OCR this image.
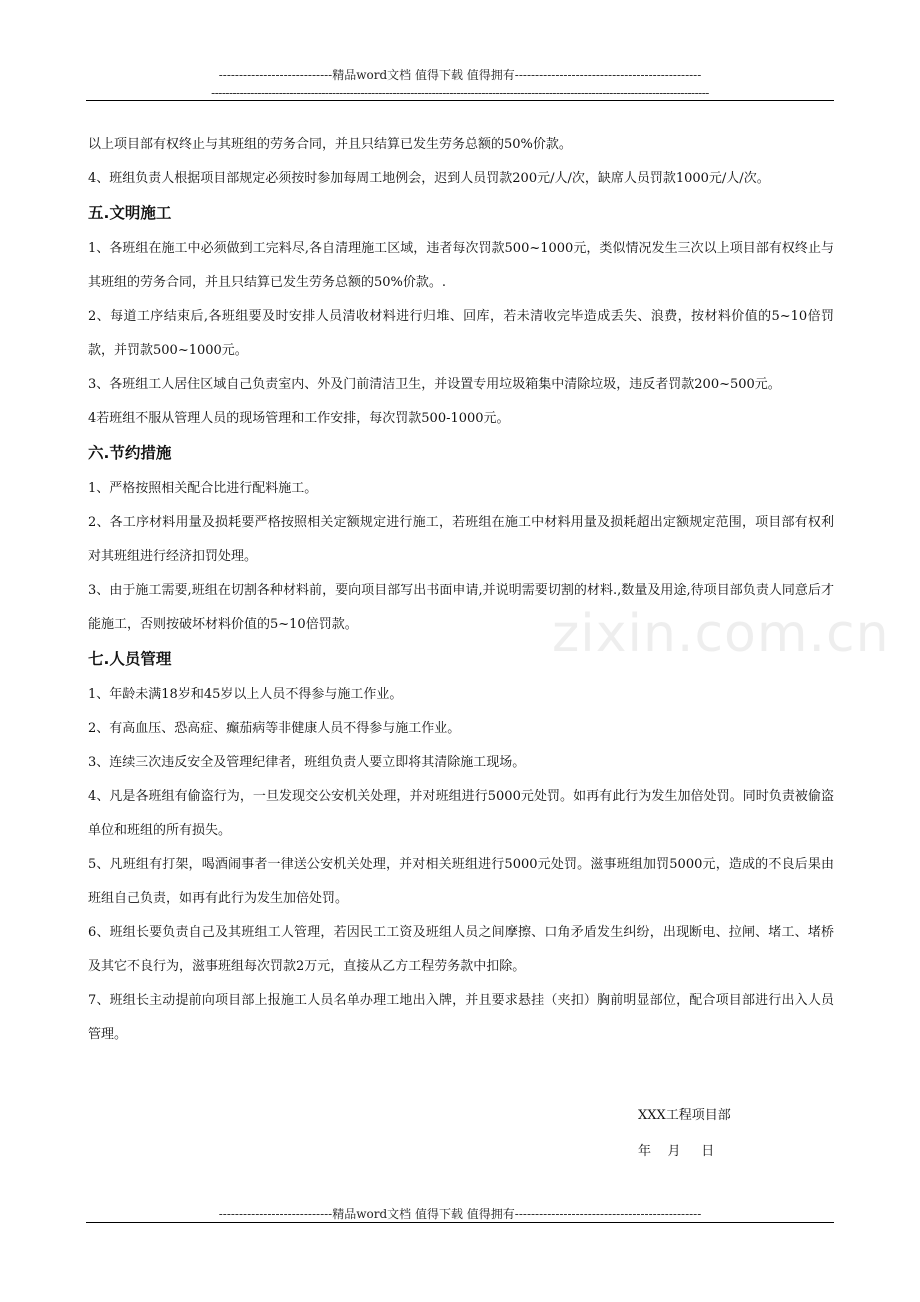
----------------------------精品word文档 值得下载 值得拥有----------------------------------------------
--------------------------------------------------------------------------------------------------------------------------------------------
zixin.com.cn

以上项目部有权终止与其班组的劳务合同，并且只结算已发生劳务总额的50%价款。

4、班组负责人根据项目部规定必须按时参加每周工地例会，迟到人员罚款200元/人/次，缺席人员罚款1000元/人/次。

五.文明施工

1、各班组在施工中必须做到工完料尽,各自清理施工区域，违者每次罚款500~1000元，类似情况发生三次以上项目部有权终止与其班组的劳务合同，并且只结算已发生劳务总额的50%价款。.

2、每道工序结束后,各班组要及时安排人员清收材料进行归堆、回库，若未清收完毕造成丢失、浪费，按材料价值的5~10倍罚款，并罚款500~1000元。

3、各班组工人居住区域自己负责室内、外及门前清洁卫生，并设置专用垃圾箱集中清除垃圾，违反者罚款200~500元。

4若班组不服从管理人员的现场管理和工作安排，每次罚款500-1000元。

六.节约措施

1、严格按照相关配合比进行配料施工。

2、各工序材料用量及损耗要严格按照相关定额规定进行施工，若班组在施工中材料用量及损耗超出定额规定范围，项目部有权利对其班组进行经济扣罚处理。

3、由于施工需要,班组在切割各种材料前，要向项目部写出书面申请,并说明需要切割的材料.,数量及用途,待项目部负责人同意后才能施工，否则按破坏材料价值的5~10倍罚款。

七.人员管理

1、年龄未满18岁和45岁以上人员不得参与施工作业。

2、有高血压、恐高症、癫茄病等非健康人员不得参与施工作业。

3、连续三次违反安全及管理纪律者，班组负责人要立即将其清除施工现场。

4、凡是各班组有偷盗行为，一旦发现交公安机关处理，并对班组进行5000元处罚。如再有此行为发生加倍处罚。同时负责被偷盗单位和班组的所有损失。

5、凡班组有打架，喝酒闹事者一律送公安机关处理，并对相关班组进行5000元处罚。滋事班组加罚5000元，造成的不良后果由班组自己负责，如再有此行为发生加倍处罚。

6、班组长要负责自己及其班组工人管理，若因民工工资及班组人员之间摩擦、口角矛盾发生纠纷，出现断电、拉闸、堵工、堵桥及其它不良行为，滋事班组每次罚款2万元，直接从乙方工程劳务款中扣除。

7、班组长主动提前向项目部上报施工人员名单办理工地出入牌，并且要求悬挂（夹扣）胸前明显部位，配合项目部进行出入人员管理。

XXX工程项目部
年    月     日
----------------------------精品word文档 值得下载 值得拥有----------------------------------------------
